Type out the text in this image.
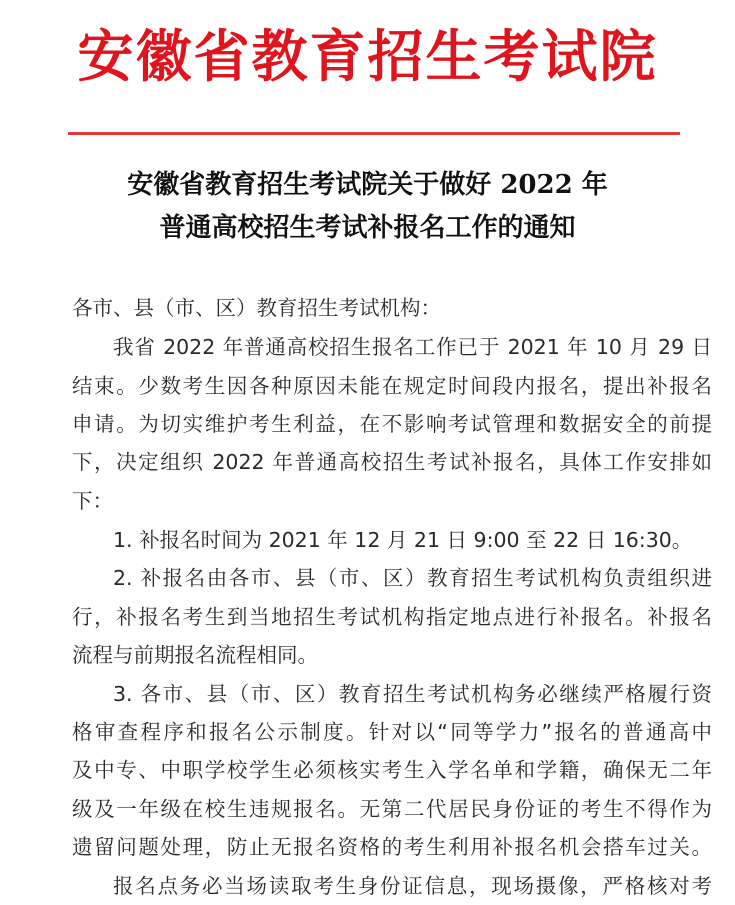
安徽省教育招生考试院
安徽省教育招生考试院关于做好 2022 年
普通高校招生考试补报名工作的通知
各市、县（市、区）教育招生考试机构：
我省 2022 年普通高校招生报名工作已于 2021 年 10 月 29 日
结束。少数考生因各种原因未能在规定时间段内报名，提出补报名
申请。为切实维护考生利益，在不影响考试管理和数据安全的前提
下，决定组织 2022 年普通高校招生考试补报名，具体工作安排如
下：
1. 补报名时间为 2021 年 12 月 21 日 9:00 至 22 日 16:30。
2. 补报名由各市、县（市、区）教育招生考试机构负责组织进
行，补报名考生到当地招生考试机构指定地点进行补报名。补报名
流程与前期报名流程相同。
3. 各市、县（市、区）教育招生考试机构务必继续严格履行资
格审查程序和报名公示制度。针对以“同等学力”报名的普通高中
及中专、中职学校学生必须核实考生入学名单和学籍，确保无二年
级及一年级在校生违规报名。无第二代居民身份证的考生不得作为
遗留问题处理，防止无报名资格的考生利用补报名机会搭车过关。
报名点务必当场读取考生身份证信息，现场摄像，严格核对考
